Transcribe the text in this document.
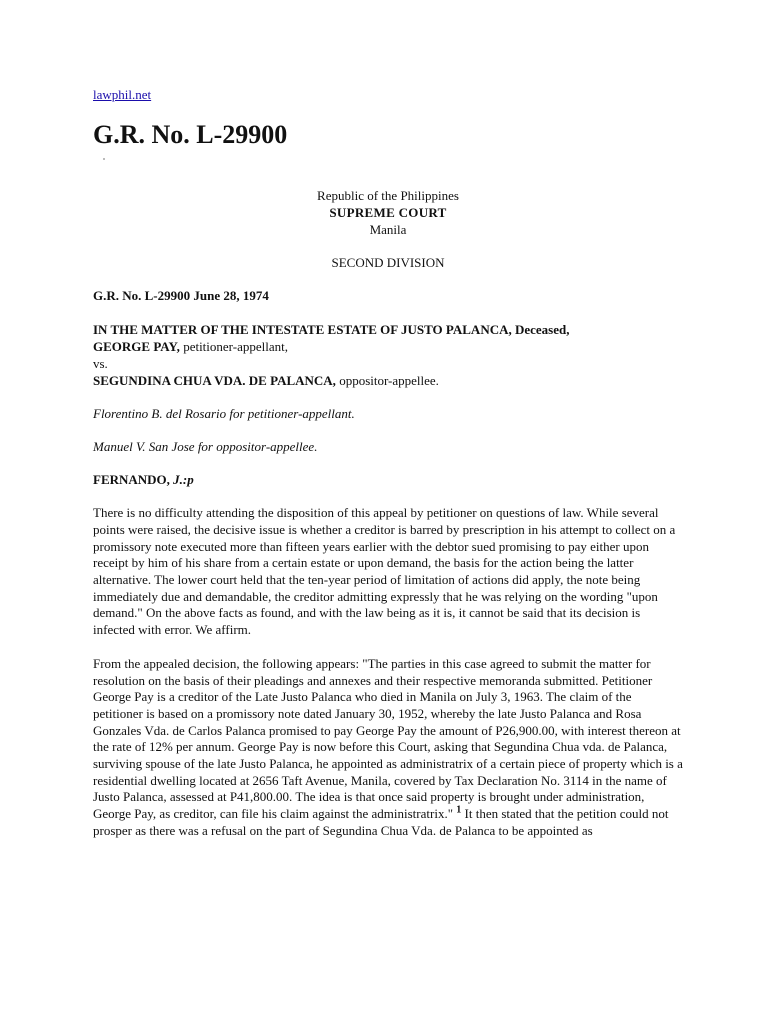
lawphil.net
G.R. No. L-29900
Republic of the Philippines
SUPREME COURT
Manila
SECOND DIVISION
G.R. No. L-29900 June 28, 1974
IN THE MATTER OF THE INTESTATE ESTATE OF JUSTO PALANCA, Deceased,
GEORGE PAY, petitioner-appellant,
vs.
SEGUNDINA CHUA VDA. DE PALANCA, oppositor-appellee.
Florentino B. del Rosario for petitioner-appellant.
Manuel V. San Jose for oppositor-appellee.
FERNANDO, J.:p

There is no difficulty attending the disposition of this appeal by petitioner on questions of law. While several points were raised, the decisive issue is whether a creditor is barred by prescription in his attempt to collect on a promissory note executed more than fifteen years earlier with the debtor sued promising to pay either upon receipt by him of his share from a certain estate or upon demand, the basis for the action being the latter alternative. The lower court held that the ten-year period of limitation of actions did apply, the note being immediately due and demandable, the creditor admitting expressly that he was relying on the wording "upon demand." On the above facts as found, and with the law being as it is, it cannot be said that its decision is infected with error. We affirm.

From the appealed decision, the following appears: "The parties in this case agreed to submit the matter for resolution on the basis of their pleadings and annexes and their respective memoranda submitted. Petitioner George Pay is a creditor of the Late Justo Palanca who died in Manila on July 3, 1963. The claim of the petitioner is based on a promissory note dated January 30, 1952, whereby the late Justo Palanca and Rosa Gonzales Vda. de Carlos Palanca promised to pay George Pay the amount of P26,900.00, with interest thereon at the rate of 12% per annum. George Pay is now before this Court, asking that Segundina Chua vda. de Palanca, surviving spouse of the late Justo Palanca, he appointed as administratrix of a certain piece of property which is a residential dwelling located at 2656 Taft Avenue, Manila, covered by Tax Declaration No. 3114 in the name of Justo Palanca, assessed at P41,800.00. The idea is that once said property is brought under administration, George Pay, as creditor, can file his claim against the administratrix." $^1$ It then stated that the petition could not prosper as there was a refusal on the part of Segundina Chua Vda. de Palanca to be appointed as
